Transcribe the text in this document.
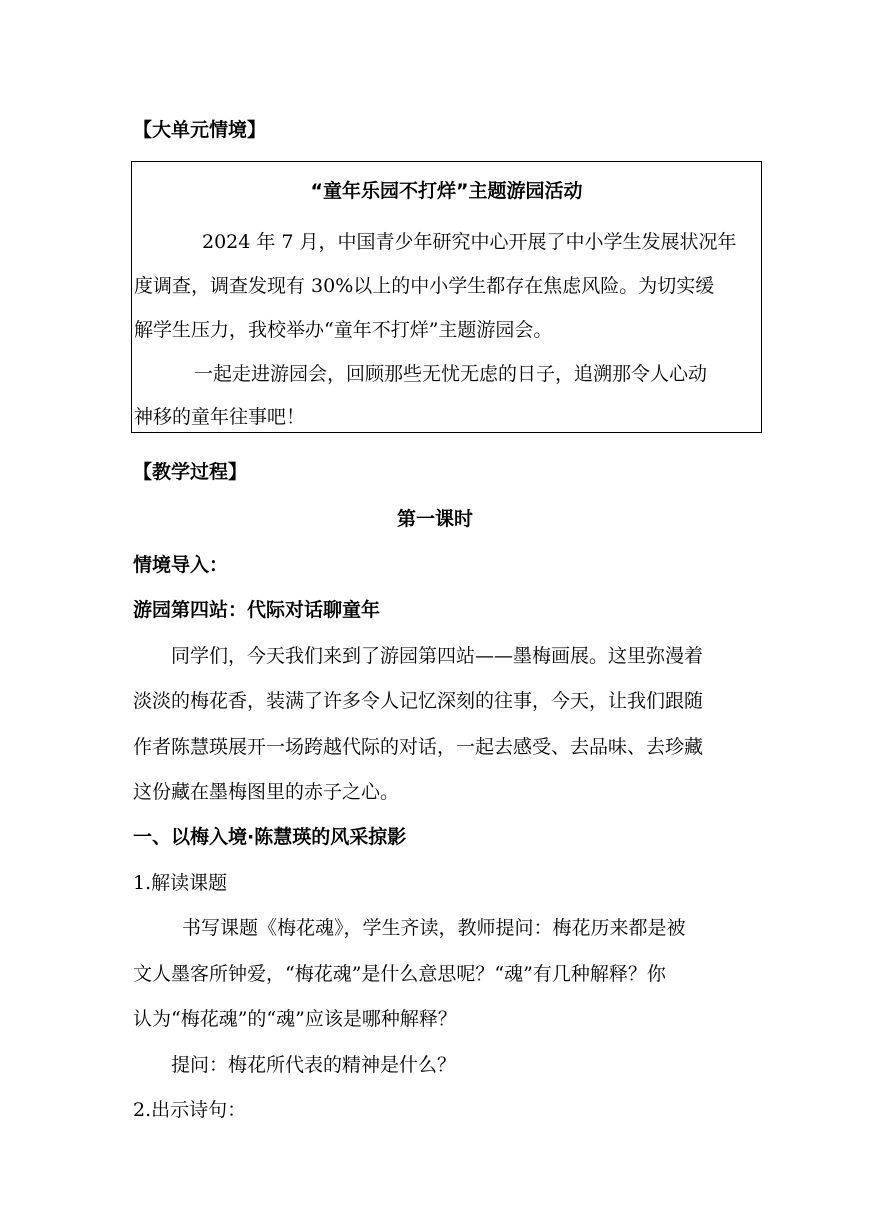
【大单元情境】
“童年乐园不打烊”主题游园活动
2024 年 7 月，中国青少年研究中心开展了中小学生发展状况年
度调查，调查发现有 30%以上的中小学生都存在焦虑风险。为切实缓
解学生压力，我校举办“童年不打烊”主题游园会。
一起走进游园会，回顾那些无忧无虑的日子，追溯那令人心动
神移的童年往事吧！
【教学过程】
第一课时
情境导入：
游园第四站：代际对话聊童年
同学们，今天我们来到了游园第四站——墨梅画展。这里弥漫着
淡淡的梅花香，装满了许多令人记忆深刻的往事，今天，让我们跟随
作者陈慧瑛展开一场跨越代际的对话，一起去感受、去品味、去珍藏
这份藏在墨梅图里的赤子之心。
一、以梅入境·陈慧瑛的风采掠影
1.解读课题
书写课题《梅花魂》，学生齐读，教师提问：梅花历来都是被
文人墨客所钟爱，“梅花魂”是什么意思呢？“魂”有几种解释？你
认为“梅花魂”的“魂”应该是哪种解释？
提问：梅花所代表的精神是什么？
2.出示诗句：
